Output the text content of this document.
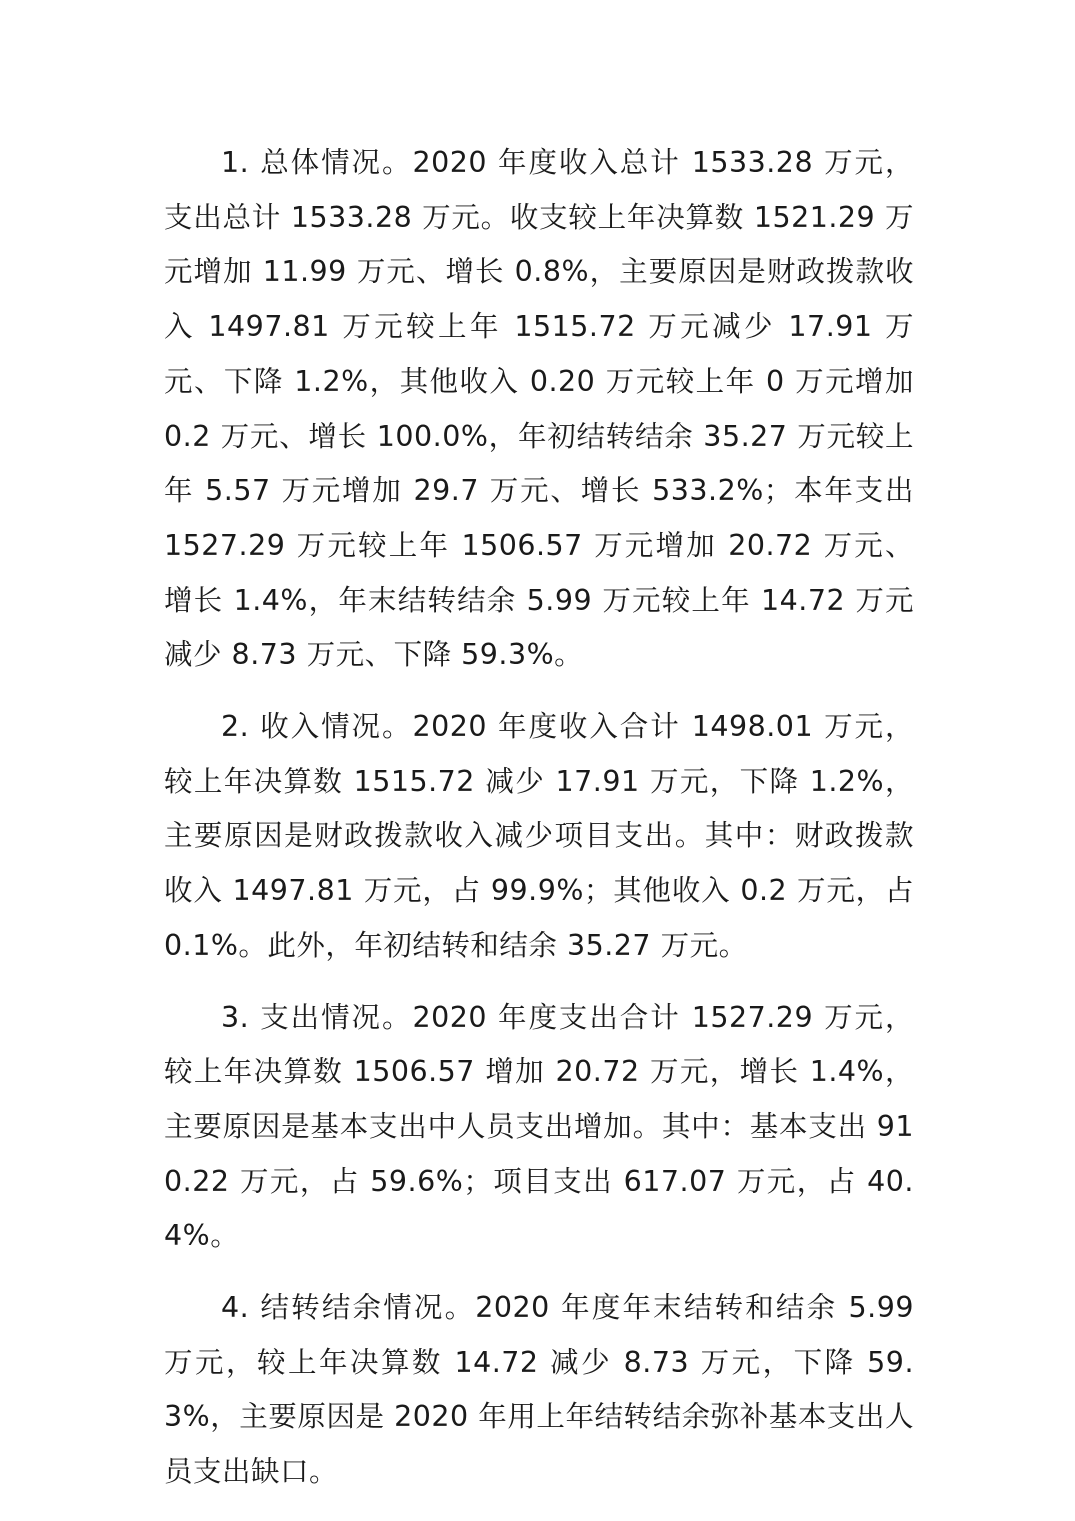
1. 总体情况。2020 年度收入总计 1533.28 万元，支出总计 1533.28 万元。收支较上年决算数 1521.29 万元增加 11.99 万元、增长 0.8%，主要原因是财政拨款收入 1497.81 万元较上年 1515.72 万元减少 17.91 万元、下降 1.2%，其他收入 0.20 万元较上年 0 万元增加 0.2 万元、增长 100.0%，年初结转结余 35.27 万元较上年 5.57 万元增加 29.7 万元、增长 533.2%；本年支出 1527.29 万元较上年 1506.57 万元增加 20.72 万元、增长 1.4%，年末结转结余 5.99 万元较上年 14.72 万元减少 8.73 万元、下降 59.3%。

2. 收入情况。2020 年度收入合计 1498.01 万元，较上年决算数 1515.72 减少 17.91 万元，下降 1.2%，主要原因是财政拨款收入减少项目支出。其中：财政拨款收入 1497.81 万元，占 99.9%；其他收入 0.2 万元，占 0.1%。此外，年初结转和结余 35.27 万元。

3. 支出情况。2020 年度支出合计 1527.29 万元，较上年决算数 1506.57 增加 20.72 万元，增长 1.4%，主要原因是基本支出中人员支出增加。其中：基本支出 910.22 万元，占 59.6%；项目支出 617.07 万元，占 40.4%。

4. 结转结余情况。2020 年度年末结转和结余 5.99 万元，较上年决算数 14.72 减少 8.73 万元，下降 59.3%，主要原因是 2020 年用上年结转结余弥补基本支出人员支出缺口。
